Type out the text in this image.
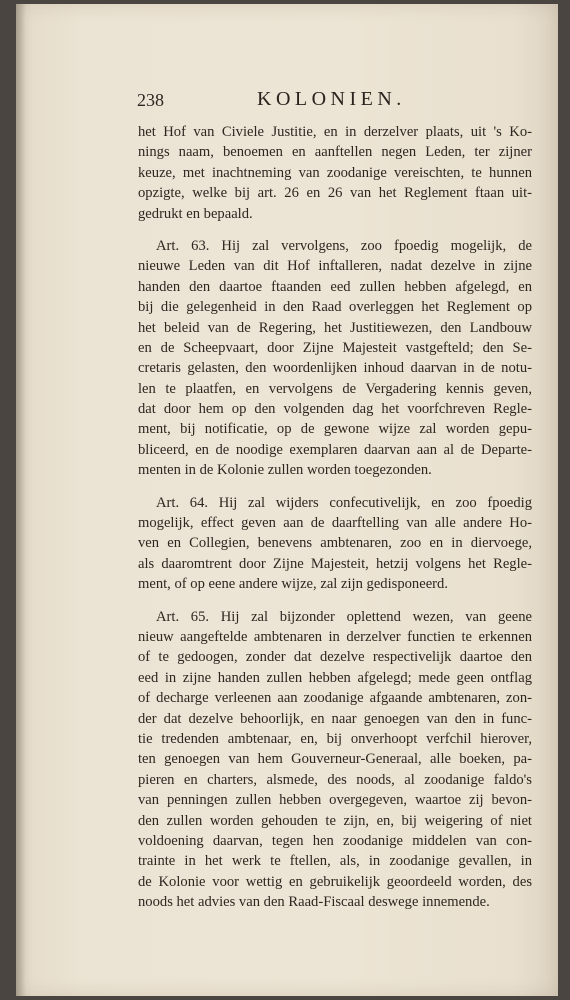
238	KOLONIEN.
het Hof van Civiele Justitie, en in derzelver plaats, uit 's Ko-
nings naam, benoemen en aanftellen negen Leden, ter zijner
keuze, met inachtneming van zoodanige vereischten, te hunnen
opzigte, welke bij art. 26 en 26 van het Reglement ftaan uit-
gedrukt en bepaald.
Art. 63. Hij zal vervolgens, zoo fpoedig mogelijk, de
nieuwe Leden van dit Hof inftalleren, nadat dezelve in zijne
handen den daartoe ftaanden eed zullen hebben afgelegd, en
bij die gelegenheid in den Raad overleggen het Reglement op
het beleid van de Regering, het Justitiewezen, den Landbouw
en de Scheepvaart, door Zijne Majesteit vastgefteld; den Se-
cretaris gelasten, den woordenlijken inhoud daarvan in de notu-
len te plaatfen, en vervolgens de Vergadering kennis geven,
dat door hem op den volgenden dag het voorfchreven Regle-
ment, bij notificatie, op de gewone wijze zal worden gepu-
bliceerd, en de noodige exemplaren daarvan aan al de Departe-
menten in de Kolonie zullen worden toegezonden.
Art. 64. Hij zal wijders confecutivelijk, en zoo fpoedig
mogelijk, effect geven aan de daarftelling van alle andere Ho-
ven en Collegien, benevens ambtenaren, zoo en in diervoege,
als daaromtrent door Zijne Majesteit, hetzij volgens het Regle-
ment, of op eene andere wijze, zal zijn gedisponeerd.
Art. 65. Hij zal bijzonder oplettend wezen, van geene
nieuw aangeftelde ambtenaren in derzelver functien te erkennen
of te gedoogen, zonder dat dezelve respectivelijk daartoe den
eed in zijne handen zullen hebben afgelegd; mede geen ontflag
of decharge verleenen aan zoodanige afgaande ambtenaren, zon-
der dat dezelve behoorlijk, en naar genoegen van den in func-
tie tredenden ambtenaar, en, bij onverhoopt verfchil hierover,
ten genoegen van hem Gouverneur-Generaal, alle boeken, pa-
pieren en charters, alsmede, des noods, al zoodanige faldo's
van penningen zullen hebben overgegeven, waartoe zij bevon-
den zullen worden gehouden te zijn, en, bij weigering of niet
voldoening daarvan, tegen hen zoodanige middelen van con-
trainte in het werk te ftellen, als, in zoodanige gevallen, in
de Kolonie voor wettig en gebruikelijk geoordeeld worden, des
noods het advies van den Raad-Fiscaal deswege innemende.
